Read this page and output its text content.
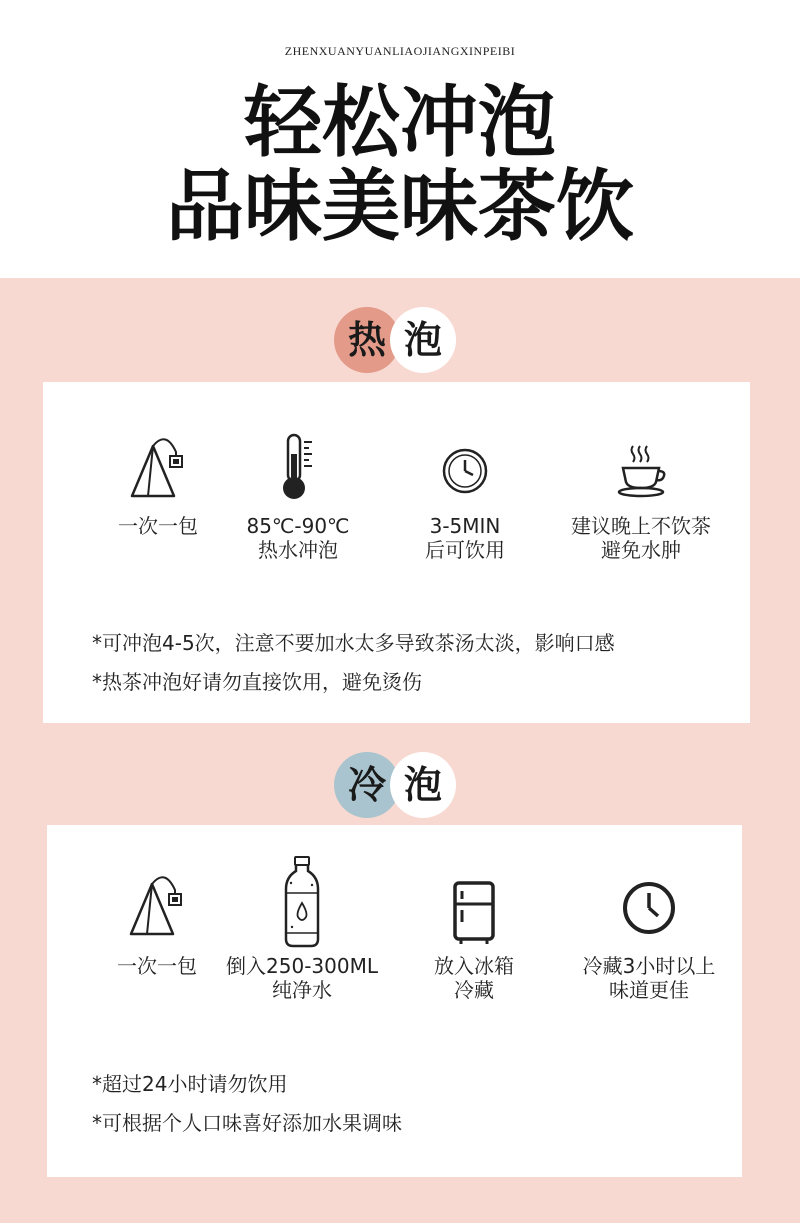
ZHENXUANYUANLIAOJIANGXINPEIBI
轻松冲泡
品味美味茶饮
热 泡
一次一包	85℃-90℃
热水冲泡
3-5MIN
后可饮用
建议晚上不饮茶
避免水肿
*可冲泡4-5次，注意不要加水太多导致茶汤太淡，影响口感
*热茶冲泡好请勿直接饮用，避免烫伤
冷 泡
一次一包	倒入250-300ML
纯净水
放入冰箱
冷藏
冷藏3小时以上
味道更佳
*超过24小时请勿饮用
*可根据个人口味喜好添加水果调味
